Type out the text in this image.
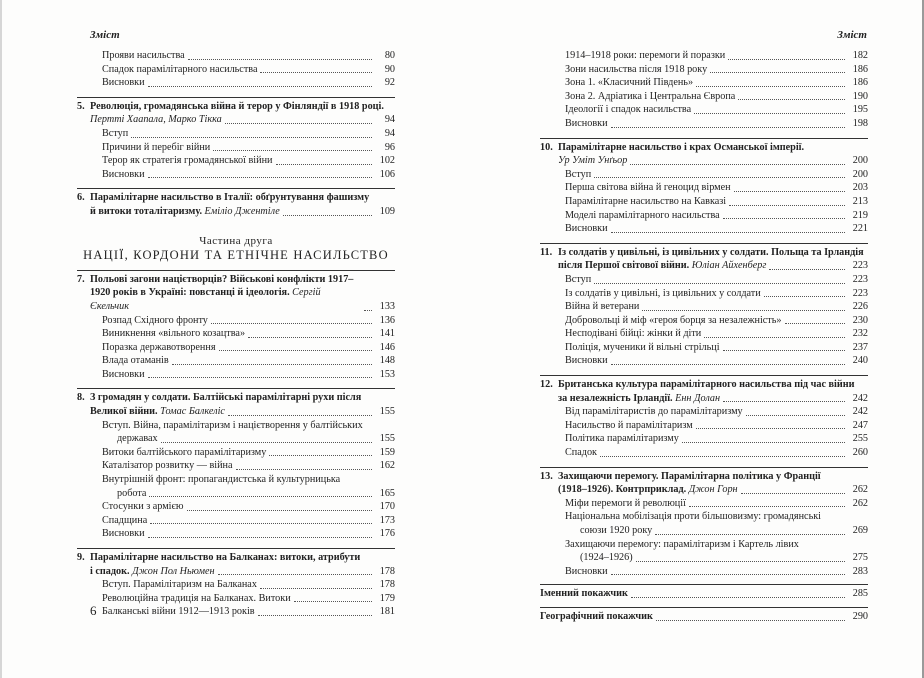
Зміст
Прояви насильства	80
Спадок парамілітарного насильства	90
Висновки	92
5. Революція, громадянська війна й терор у Фінляндії в 1918 році.
Пертті Хаапала, Марко Тікка	94
Вступ	94
Причини й перебіг війни	96
Терор як стратегія громадянської війни	102
Висновки	106
6. Парамілітарне насильство в Італії: обґрунтування фашизму
й витоки тоталітаризму. Еміліо Джентіле	109
Частина друга
НАЦІЇ, КОРДОНИ ТА ЕТНІЧНЕ НАСИЛЬСТВО
7. Польові загони націєтворців? Військові конфлікти 1917–
1920 років в Україні: повстанці й ідеологія. Сергій Єкельчик	133
Розпад Східного фронту	136
Виникнення «вільного козацтва»	141
Поразка державотворення	146
Влада отаманів	148
Висновки	153
8. З громадян у солдати. Балтійські парамілітарні рухи після
Великої війни. Томас Балкеліс	155
Вступ. Війна, парамілітаризм і націєтворення у балтійських
державах	155
Витоки балтійського парамілітаризму	159
Каталізатор розвитку — війна	162
Внутрішній фронт: пропагандистська й культурницька
робота	165
Стосунки з армією	170
Спадщина	173
Висновки	176
9. Парамілітарне насильство на Балканах: витоки, атрибути
і спадок. Джон Пол Ньюмен	178
Вступ. Парамілітаризм на Балканах	178
Революційна традиція на Балканах. Витоки	179
Балканські війни 1912—1913 років	181
6
Зміст
1914–1918 роки: перемоги й поразки	182
Зони насильства після 1918 року	186
Зона 1. «Класичний Південь»	186
Зона 2. Адріатика і Центральна Європа	190
Ідеології і спадок насильства	195
Висновки	198
10. Парамілітарне насильство і крах Османської імперії.
Ур Уміт Унґьор	200
Вступ	200
Перша світова війна й геноцид вірмен	203
Парамілітарне насильство на Кавказі	213
Моделі парамілітарного насильства	219
Висновки	221
11. Із солдатів у цивільні, із цивільних у солдати. Польща та Ірландія
після Першої світової війни. Юліан Айхенберг	223
Вступ	223
Із солдатів у цивільні, із цивільних у солдати	223
Війна й ветерани	226
Добровольці й міф «героя борця за незалежність»	230
Несподівані бійці: жінки й діти	232
Поліція, мученики й вільні стрільці	237
Висновки	240
12. Британська культура парамілітарного насильства під час війни
за незалежність Ірландії. Енн Долан	242
Від парамілітаристів до парамілітаризму	242
Насильство й парамілітаризм	247
Політика парамілітаризму	255
Спадок	260
13. Захищаючи перемогу. Парамілітарна політика у Франції
(1918–1926). Контрприклад. Джон Горн	262
Міфи перемоги й революції	262
Національна мобілізація проти більшовизму: громадянські
союзи 1920 року	269
Захищаючи перемогу: парамілітаризм і Картель лівих
(1924–1926)	275
Висновки	283
Іменний покажчик	285
Географічний покажчик	290
